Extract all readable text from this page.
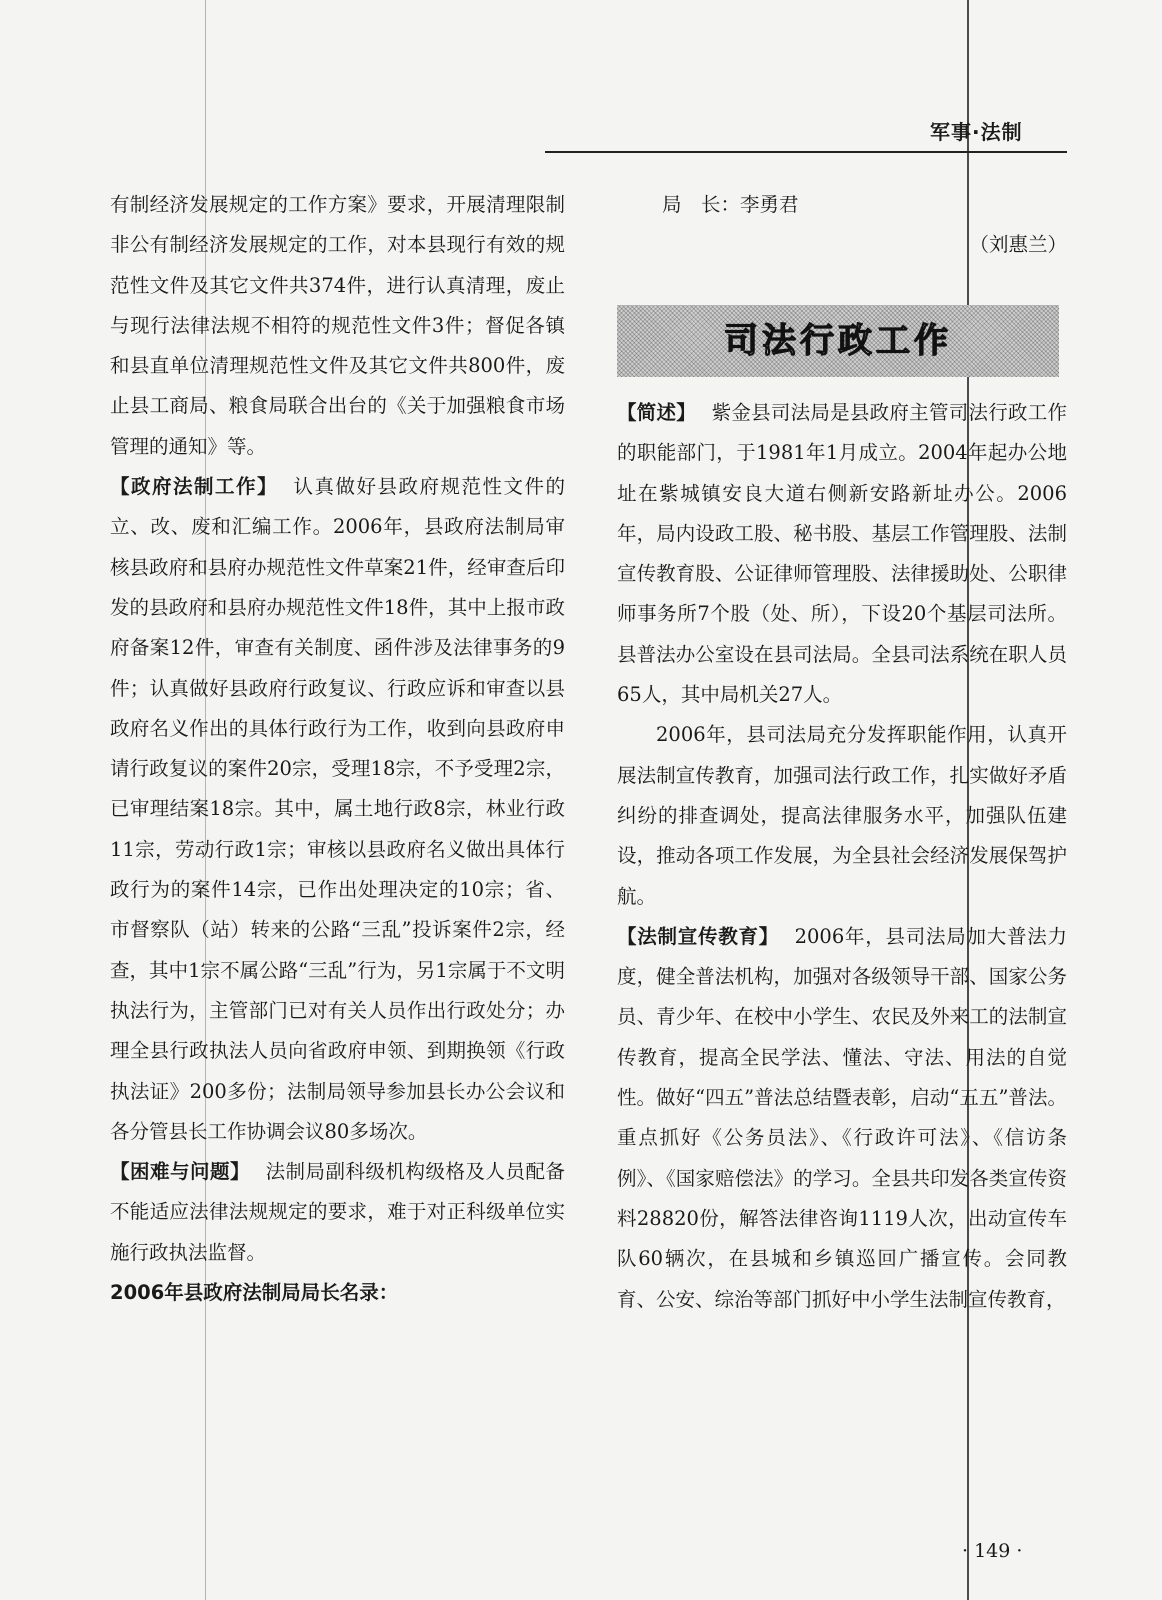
军事·法制

有制经济发展规定的工作方案》要求，开展清理限制非公有制经济发展规定的工作，对本县现行有效的规范性文件及其它文件共374件，进行认真清理，废止与现行法律法规不相符的规范性文件3件；督促各镇和县直单位清理规范性文件及其它文件共800件，废止县工商局、粮食局联合出台的《关于加强粮食市场管理的通知》等。

【政府法制工作】 认真做好县政府规范性文件的立、改、废和汇编工作。2006年，县政府法制局审核县政府和县府办规范性文件草案21件，经审查后印发的县政府和县府办规范性文件18件，其中上报市政府备案12件，审查有关制度、函件涉及法律事务的9件；认真做好县政府行政复议、行政应诉和审查以县政府名义作出的具体行政行为工作，收到向县政府申请行政复议的案件20宗，受理18宗，不予受理2宗，已审理结案18宗。其中，属土地行政8宗，林业行政11宗，劳动行政1宗；审核以县政府名义做出具体行政行为的案件14宗，已作出处理决定的10宗；省、市督察队（站）转来的公路“三乱”投诉案件2宗，经查，其中1宗不属公路“三乱”行为，另1宗属于不文明执法行为，主管部门已对有关人员作出行政处分；办理全县行政执法人员向省政府申领、到期换领《行政执法证》200多份；法制局领导参加县长办公会议和各分管县长工作协调会议80多场次。

【困难与问题】 法制局副科级机构级格及人员配备不能适应法律法规规定的要求，难于对正科级单位实施行政执法监督。

2006年县政府法制局局长名录：

局　长：李勇君

（刘惠兰）

司法行政工作

【简述】 紫金县司法局是县政府主管司法行政工作的职能部门，于1981年1月成立。2004年起办公地址在紫城镇安良大道右侧新安路新址办公。2006年，局内设政工股、秘书股、基层工作管理股、法制宣传教育股、公证律师管理股、法律援助处、公职律师事务所7个股（处、所），下设20个基层司法所。县普法办公室设在县司法局。全县司法系统在职人员65人，其中局机关27人。

2006年，县司法局充分发挥职能作用，认真开展法制宣传教育，加强司法行政工作，扎实做好矛盾纠纷的排查调处，提高法律服务水平，加强队伍建设，推动各项工作发展，为全县社会经济发展保驾护航。

【法制宣传教育】 2006年，县司法局加大普法力度，健全普法机构，加强对各级领导干部、国家公务员、青少年、在校中小学生、农民及外来工的法制宣传教育，提高全民学法、懂法、守法、用法的自觉性。做好“四五”普法总结暨表彰，启动“五五”普法。重点抓好《公务员法》、《行政许可法》、《信访条例》、《国家赔偿法》的学习。全县共印发各类宣传资料28820份，解答法律咨询1119人次，出动宣传车队60辆次，在县城和乡镇巡回广播宣传。会同教育、公安、综治等部门抓好中小学生法制宣传教育，

· 149 ·
